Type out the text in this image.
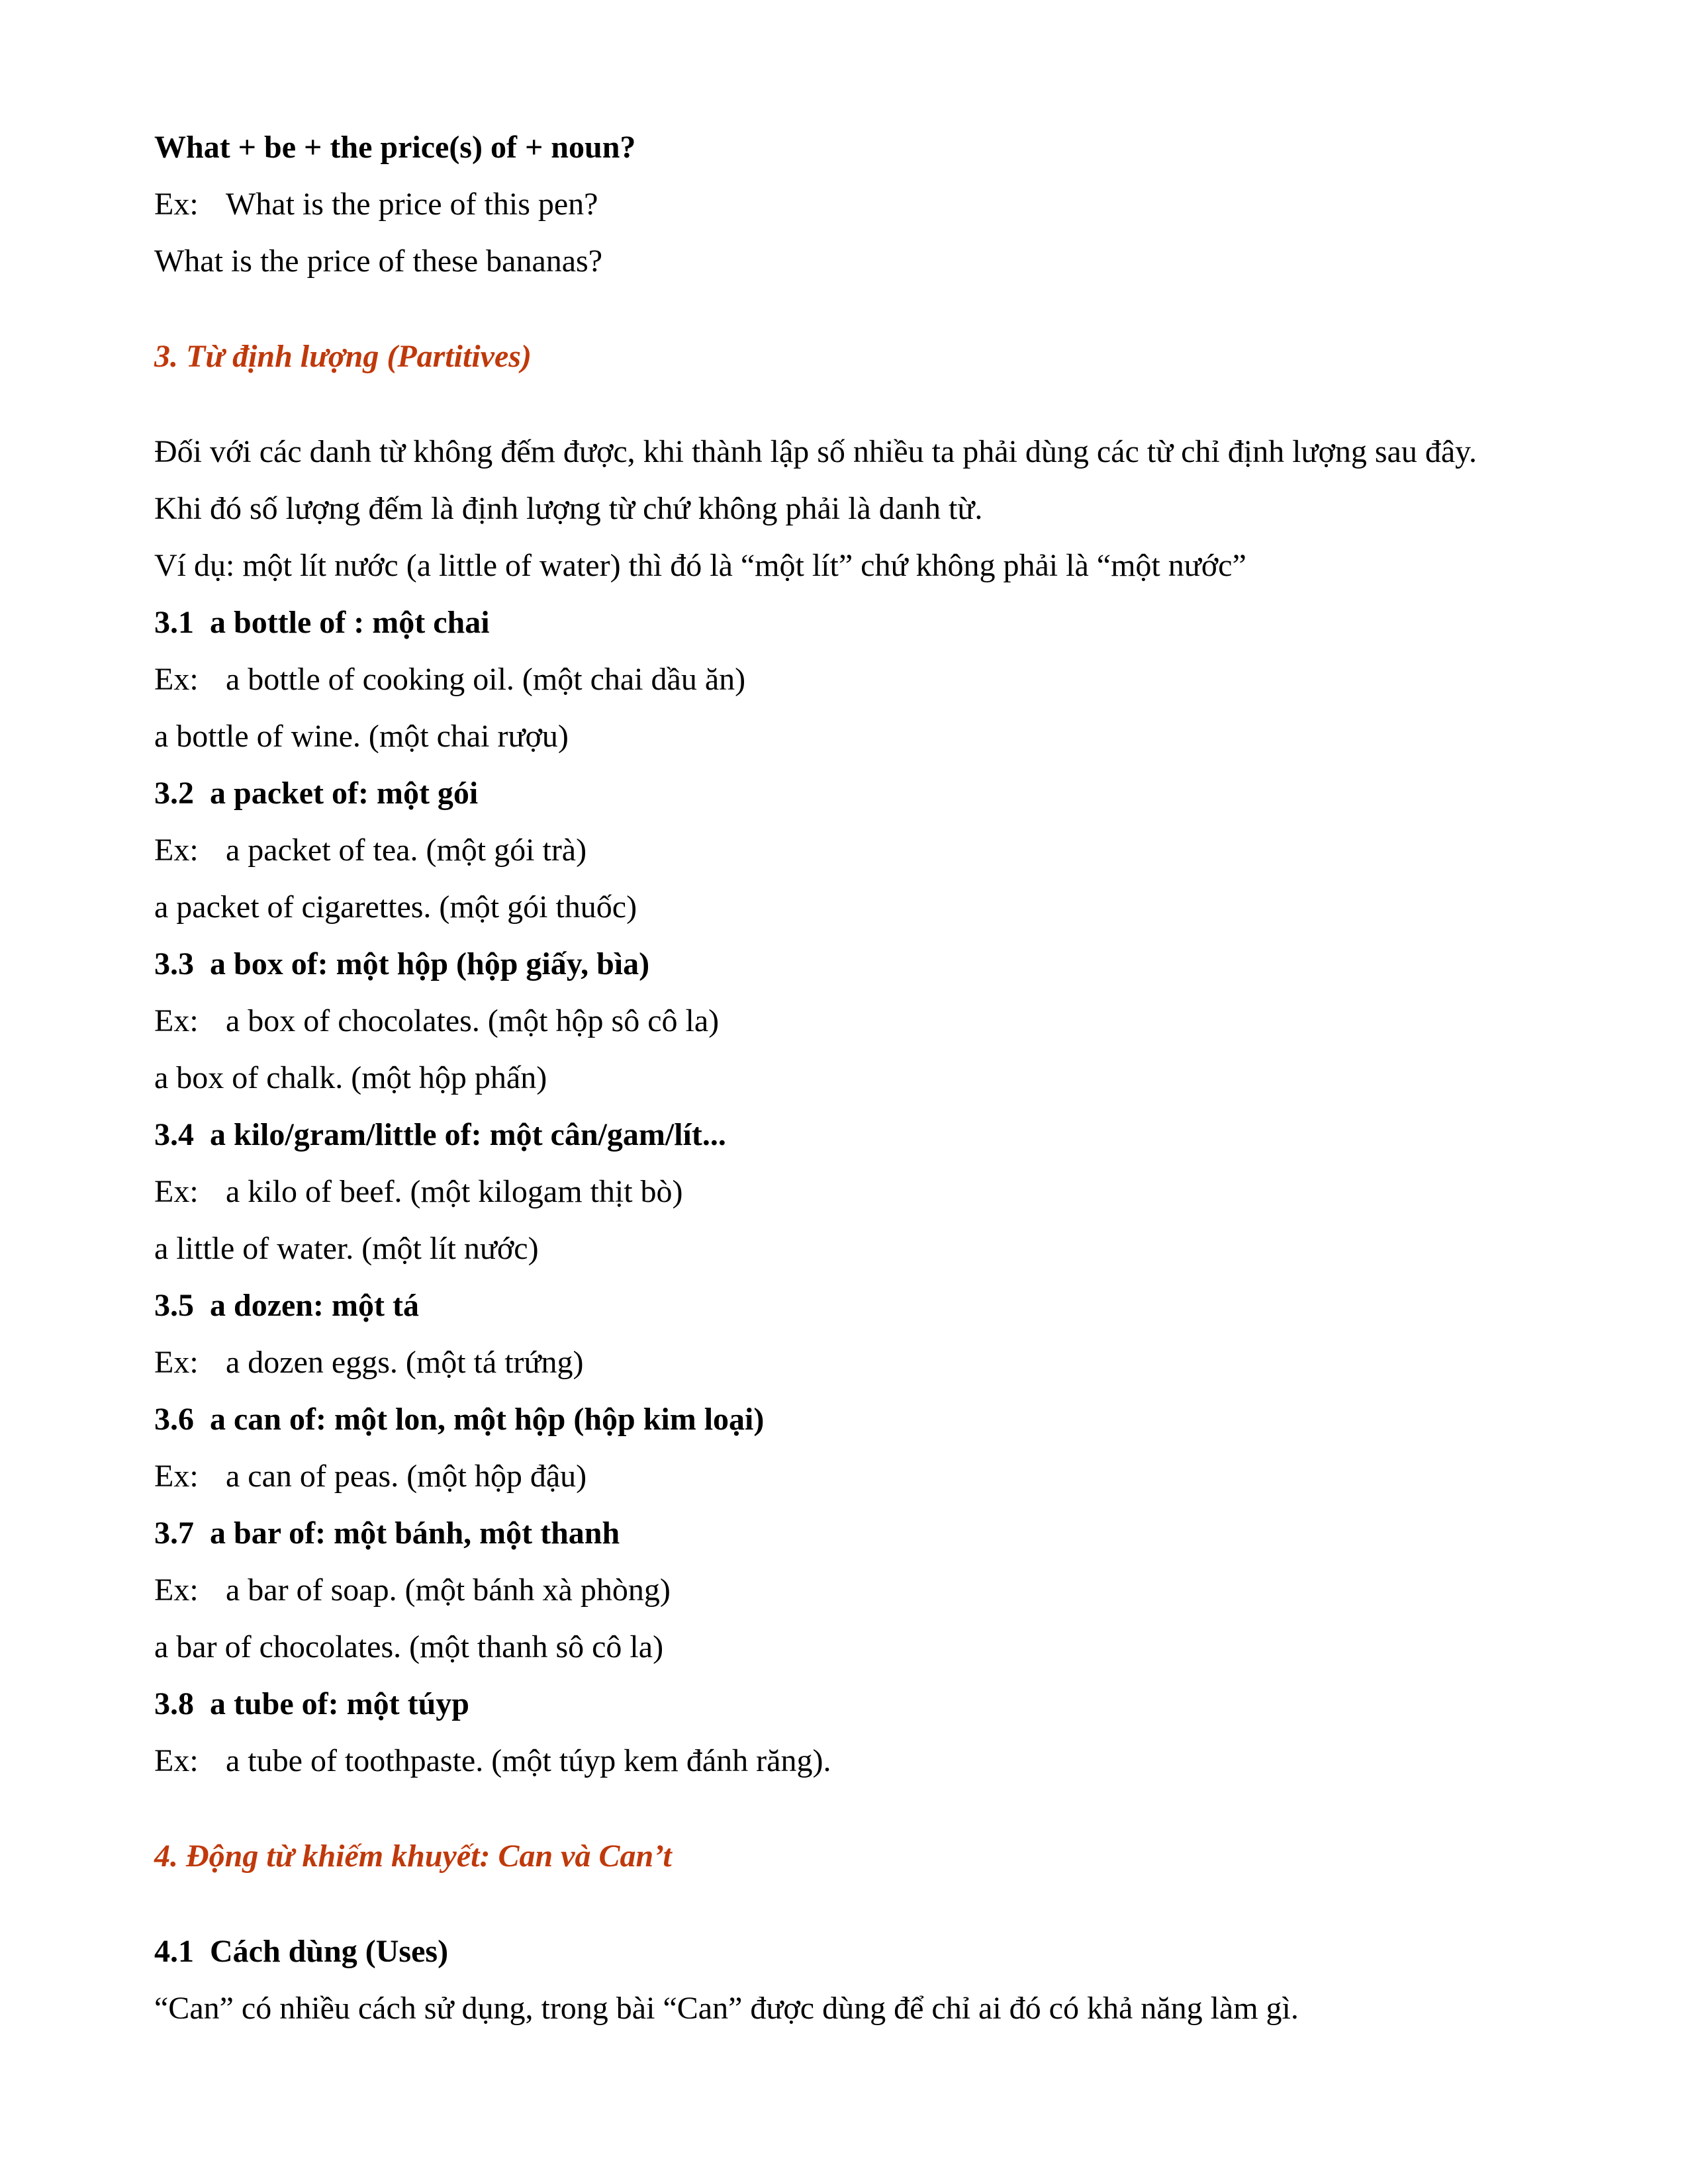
What + be + the price(s) of + noun?
Ex: What is the price of this pen?
What is the price of these bananas?
3. Từ định lượng (Partitives)
Đối với các danh từ không đếm được, khi thành lập số nhiều ta phải dùng các từ chỉ định lượng sau đây.
Khi đó số lượng đếm là định lượng từ chứ không phải là danh từ.
Ví dụ: một lít nước (a little of water) thì đó là “một lít” chứ không phải là “một nước”
3.1 a bottle of : một chai
Ex: a bottle of cooking oil. (một chai dầu ăn)
a bottle of wine. (một chai rượu)
3.2 a packet of: một gói
Ex: a packet of tea. (một gói trà)
a packet of cigarettes. (một gói thuốc)
3.3 a box of: một hộp (hộp giấy, bìa)
Ex: a box of chocolates. (một hộp sô cô la)
a box of chalk. (một hộp phấn)
3.4 a kilo/gram/little of: một cân/gam/lít...
Ex: a kilo of beef. (một kilogam thịt bò)
a little of water. (một lít nước)
3.5 a dozen: một tá
Ex: a dozen eggs. (một tá trứng)
3.6 a can of: một lon, một hộp (hộp kim loại)
Ex: a can of peas. (một hộp đậu)
3.7 a bar of: một bánh, một thanh
Ex: a bar of soap. (một bánh xà phòng)
a bar of chocolates. (một thanh sô cô la)
3.8 a tube of: một túyp
Ex: a tube of toothpaste. (một túyp kem đánh răng).
4. Động từ khiếm khuyết: Can và Can’t
4.1 Cách dùng (Uses)
“Can” có nhiều cách sử dụng, trong bài “Can” được dùng để chỉ ai đó có khả năng làm gì.
